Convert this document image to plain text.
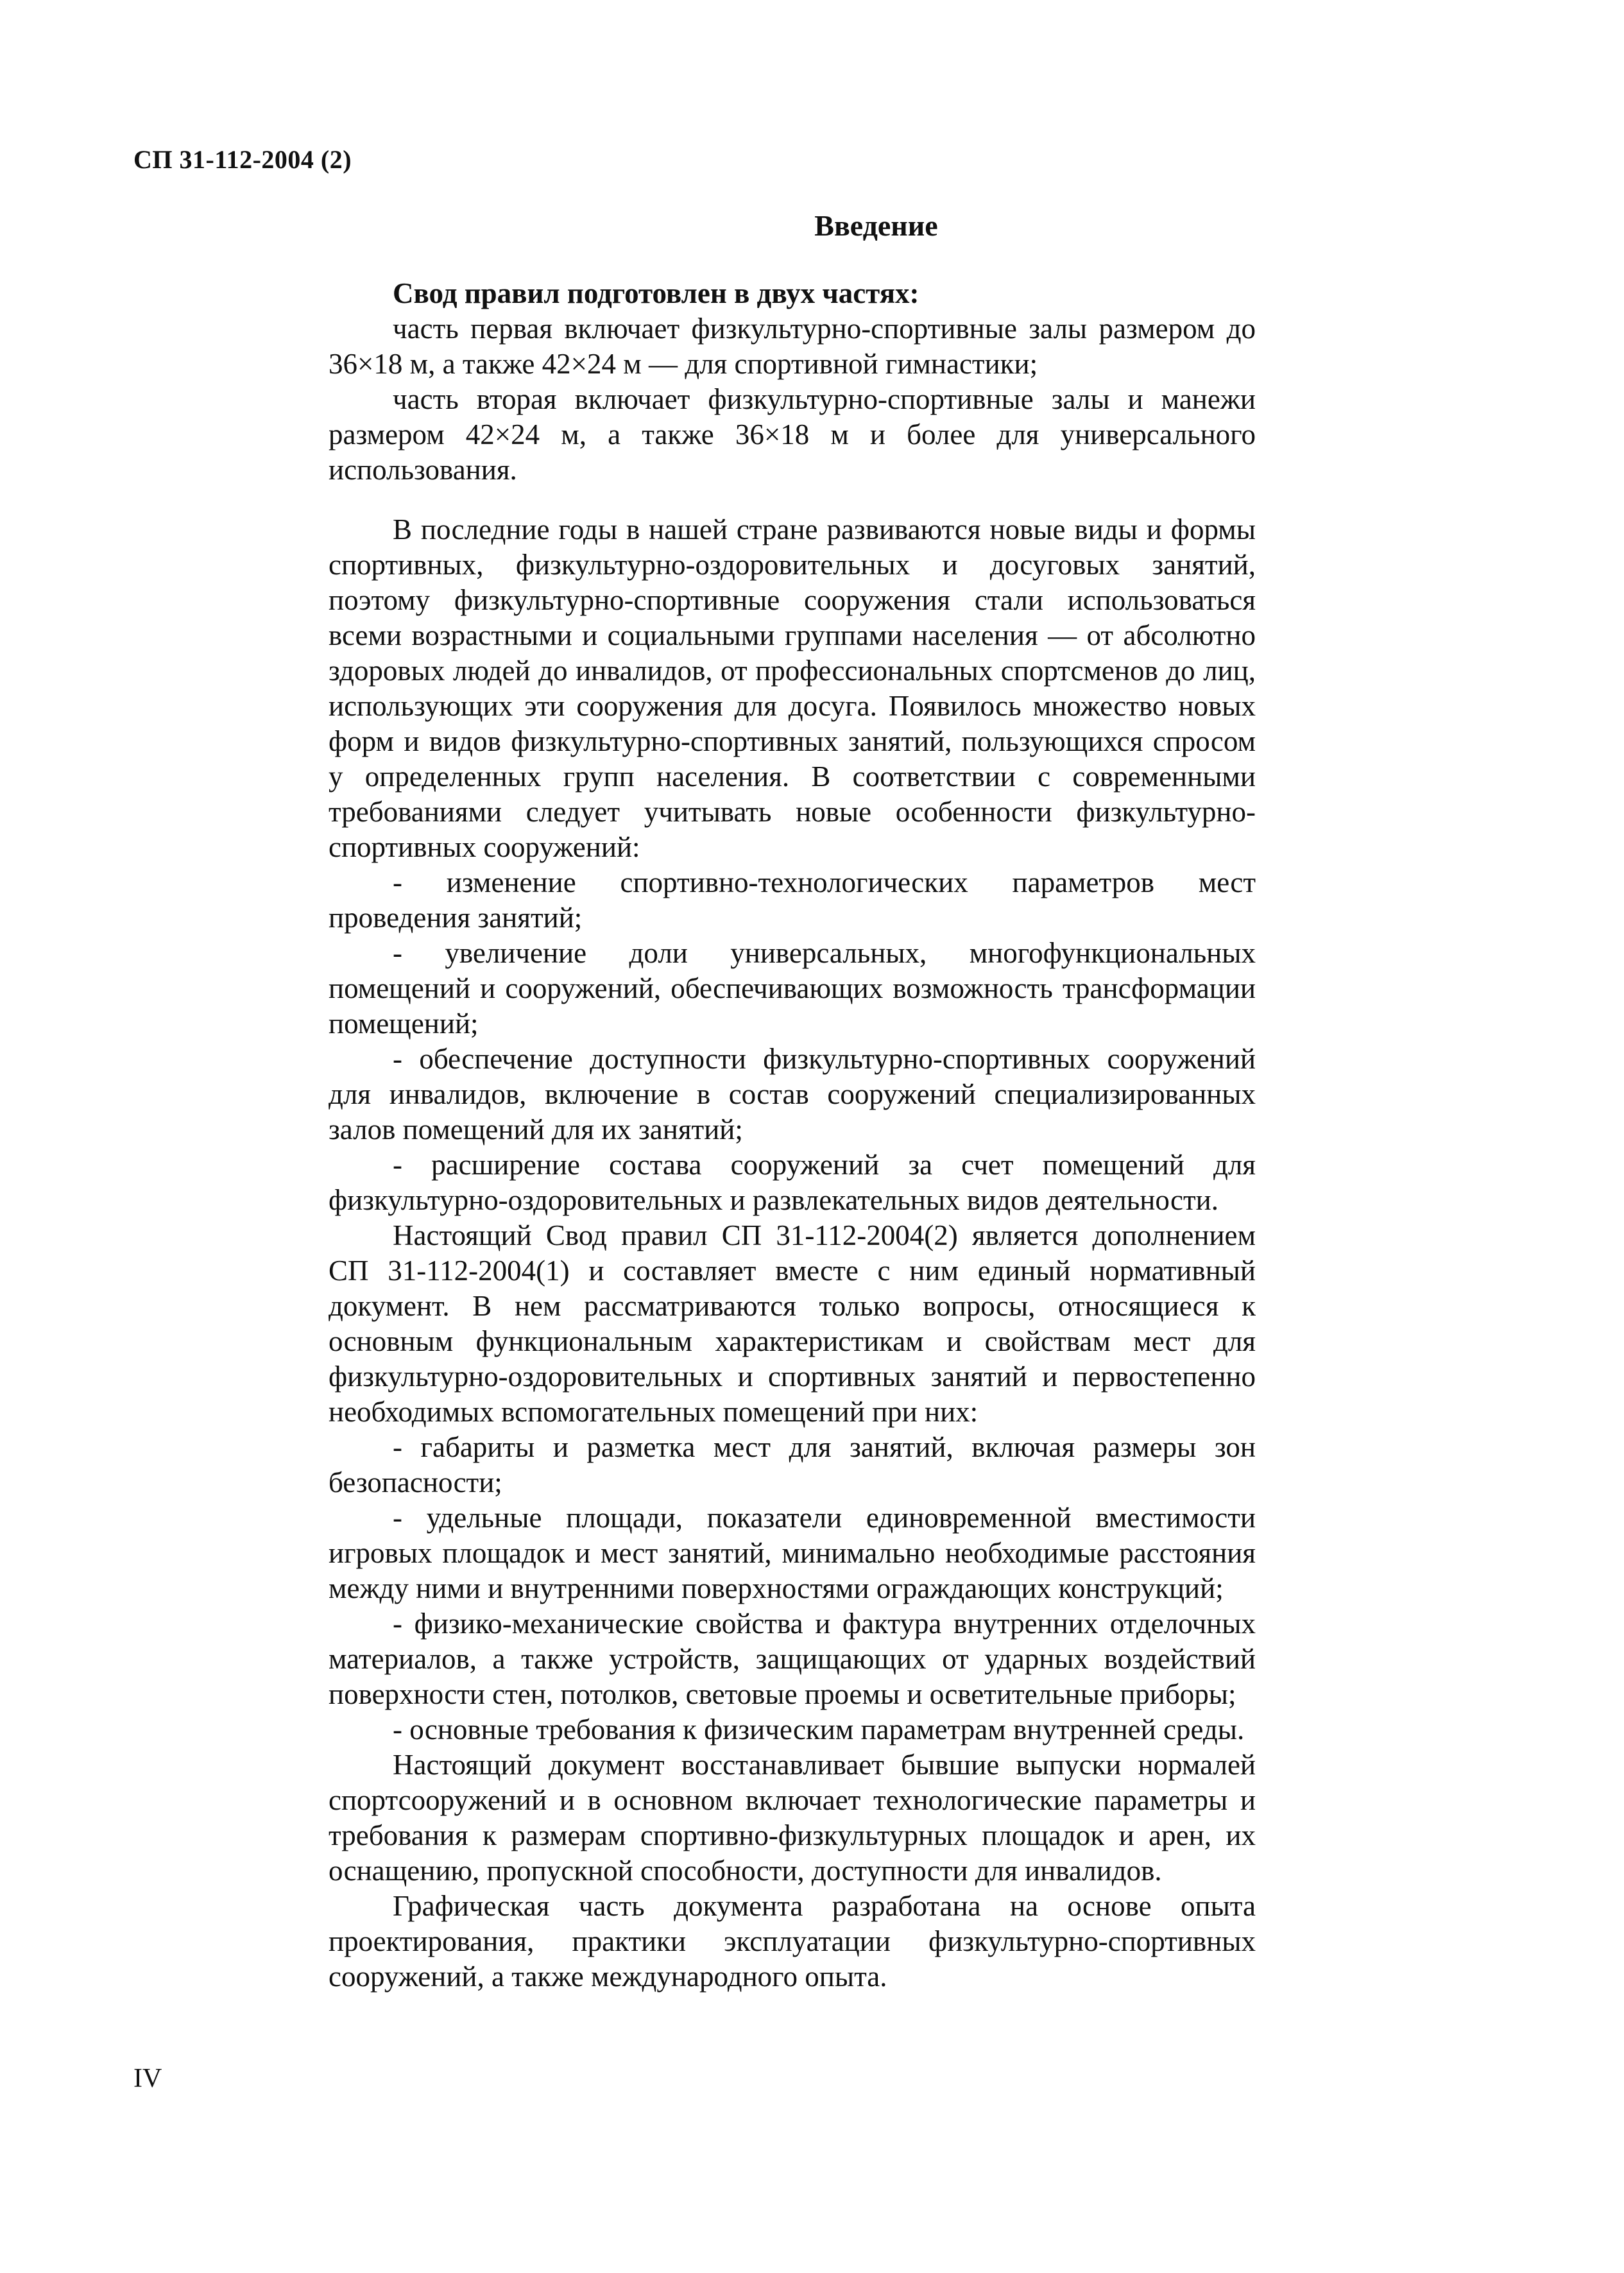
СП 31-112-2004 (2)
Введение

Свод правил подготовлен в двух частях:

часть первая включает физкультурно-спортивные залы размером до 36×18 м, а также 42×24 м — для спортивной гимнастики;

часть вторая включает физкультурно-спортивные залы и манежи размером 42×24 м, а также 36×18 м и более для универсального использования.

В последние годы в нашей стране развиваются новые виды и формы спортивных, физкультурно-оздоровительных и досуговых занятий, поэтому физкультурно-спортивные сооружения стали использоваться всеми возрастными и социальными группами населения — от абсолютно здоровых людей до инвалидов, от профессиональных спортсменов до лиц, использующих эти сооружения для досуга. Появилось множество новых форм и видов физкультурно-спортивных занятий, пользующихся спросом у определенных групп населения. В соответствии с современными требованиями следует учитывать новые особенности физкультурно-спортивных сооружений:

- изменение спортивно-технологических параметров мест проведения занятий;

- увеличение доли универсальных, многофункциональных помещений и сооружений, обеспечивающих возможность трансформации помещений;

- обеспечение доступности физкультурно-спортивных сооружений для инвалидов, включение в состав сооружений специализированных залов помещений для их занятий;

- расширение состава сооружений за счет помещений для физкультурно-оздоровительных и развлекательных видов деятельности.

Настоящий Свод правил СП 31-112-2004(2) является дополнением СП 31-112-2004(1) и составляет вместе с ним единый нормативный документ. В нем рассматриваются только вопросы, относящиеся к основным функциональным характеристикам и свойствам мест для физкультурно-оздоровительных и спортивных занятий и первостепенно необходимых вспомогательных помещений при них:

- габариты и разметка мест для занятий, включая размеры зон безопасности;

- удельные площади, показатели единовременной вместимости игровых площадок и мест занятий, минимально необходимые расстояния между ними и внутренними поверхностями ограждающих конструкций;

- физико-механические свойства и фактура внутренних отделочных материалов, а также устройств, защищающих от ударных воздействий поверхности стен, потолков, световые проемы и осветительные приборы;

- основные требования к физическим параметрам внутренней среды.

Настоящий документ восстанавливает бывшие выпуски нормалей спортсооружений и в основном включает технологические параметры и требования к размерам спортивно-физкультурных площадок и арен, их оснащению, пропускной способности, доступности для инвалидов.

Графическая часть документа разработана на основе опыта проектирования, практики эксплуатации физкультурно-спортивных сооружений, а также международного опыта.

IV
